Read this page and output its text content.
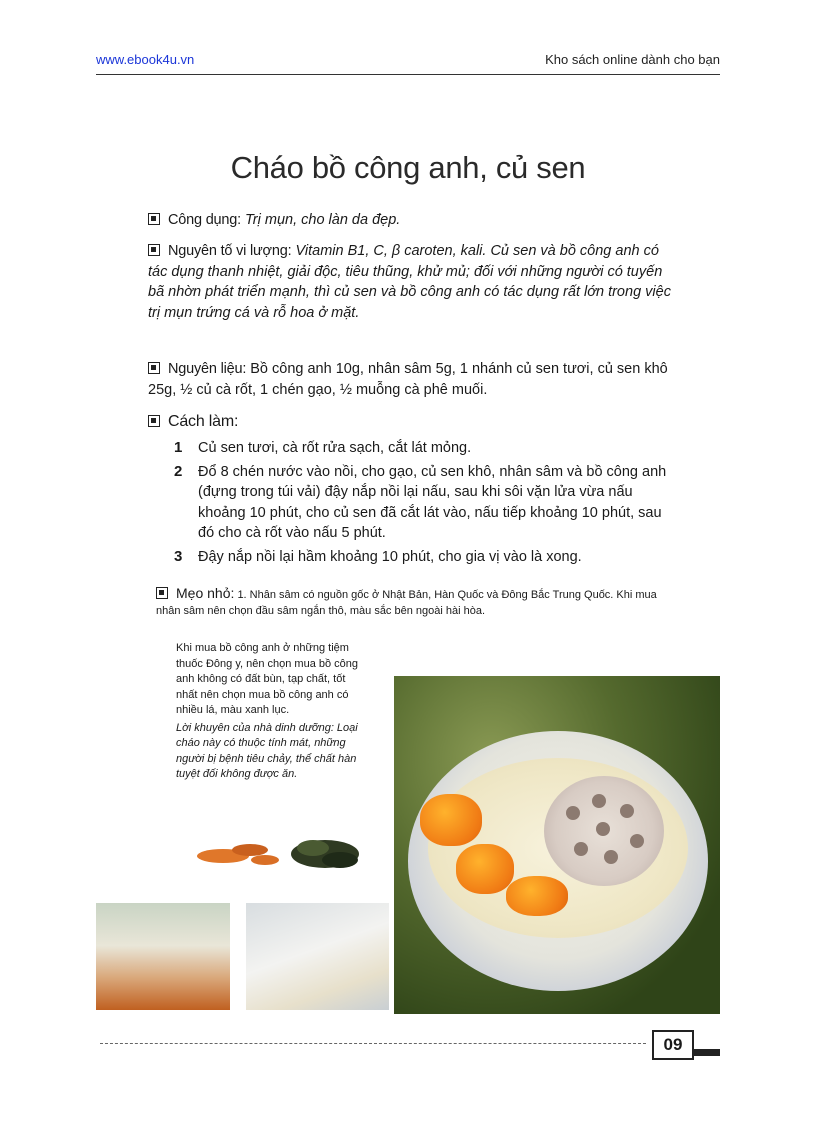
www.ebook4u.vn	Kho sách online dành cho bạn
Cháo bồ công anh, củ sen
Công dụng: Trị mụn, cho làn da đẹp.
Nguyên tố vi lượng: Vitamin B1, C, β caroten, kali. Củ sen và bồ công anh có tác dụng thanh nhiệt, giải độc, tiêu thũng, khử mủ; đối với những người có tuyến bã nhờn phát triển mạnh, thì củ sen và bồ công anh có tác dụng rất lớn trong việc trị mụn trứng cá và rỗ hoa ở mặt.
Nguyên liệu: Bồ công anh 10g, nhân sâm 5g, 1 nhánh củ sen tươi, củ sen khô 25g, ½ củ cà rốt, 1 chén gạo, ½ muỗng cà phê muối.
Cách làm:
1 Củ sen tươi, cà rốt rửa sạch, cắt lát mỏng.
2 Đổ 8 chén nước vào nồi, cho gạo, củ sen khô, nhân sâm và bồ công anh (đựng trong túi vải) đậy nắp nồi lại nấu, sau khi sôi vặn lửa vừa nấu khoảng 10 phút, cho củ sen đã cắt lát vào, nấu tiếp khoảng 10 phút, sau đó cho cà rốt vào nấu 5 phút.
3 Đậy nắp nồi lại hầm khoảng 10 phút, cho gia vị vào là xong.
Mẹo nhỏ: 1. Nhân sâm có nguồn gốc ở Nhật Bản, Hàn Quốc và Đông Bắc Trung Quốc. Khi mua nhân sâm nên chọn đầu sâm ngắn thô, màu sắc bên ngoài hài hòa.

Khi mua bồ công anh ở những tiệm thuốc Đông y, nên chọn mua bồ công anh không có đất bùn, tạp chất, tốt nhất nên chọn mua bồ công anh có nhiều lá, màu xanh lục.

Lời khuyên của nhà dinh dưỡng: Loại cháo này có thuộc tính mát, những người bị bệnh tiêu chảy, thể chất hàn tuyệt đối không được ăn.

09
